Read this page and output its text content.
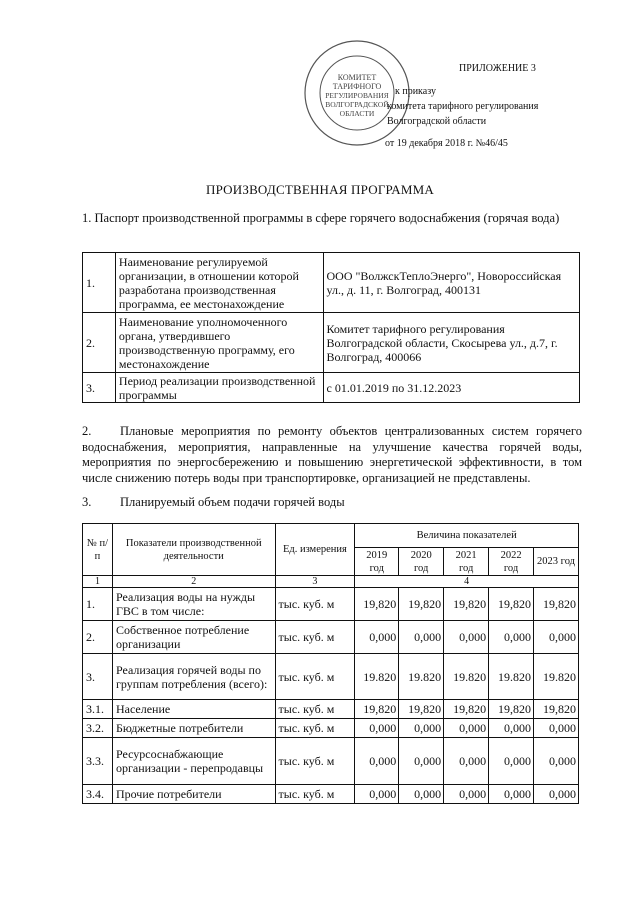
КОМИТЕТ
ТАРИФНОГО
РЕГУЛИРОВАНИЯ
ВОЛГОГРАДСКОЙ
ОБЛАСТИ
ПРИЛОЖЕНИЕ 3
к приказу
комитета тарифного регулирования
Волгоградской области
от 19 декабря 2018 г. №46/45
ПРОИЗВОДСТВЕННАЯ ПРОГРАММА
1. Паспорт производственной программы в сфере горячего водоснабжения (горячая вода)
1.	Наименование регулируемой организации, в отношении которой разработана производственная программа, ее местонахождение	ООО "ВолжскТеплоЭнерго", Новороссийская ул., д. 11, г. Волгоград, 400131
2.	Наименование уполномоченного органа, утвердившего производственную программу, его местонахождение	Комитет тарифного регулирования Волгоградской области, Скосырева ул., д.7, г. Волгоград, 400066
3.	Период реализации производственной программы	с 01.01.2019 по 31.12.2023
2. Плановые мероприятия по ремонту объектов централизованных систем горячего водоснабжения, мероприятия, направленные на улучшение качества горячей воды, мероприятия по энергосбережению и повышению энергетической эффективности, в том числе снижению потерь воды при транспортировке, организацией не представлены.
3. Планируемый объем подачи горячей воды
№ п/п	Показатели производственной деятельности	Ед. измерения	Величина показателей				
			2019 год	2020 год	2021 год	2022 год	2023 год
1	2	3	4				
1.	Реализация воды на нужды ГВС в том числе:	тыс. куб. м	19,820	19,820	19,820	19,820	19,820
2.	Собственное потребление организации	тыс. куб. м	0,000	0,000	0,000	0,000	0,000
3.	Реализация горячей воды по группам потребления (всего):	тыс. куб. м	19.820	19.820	19.820	19.820	19.820
3.1.	Население	тыс. куб. м	19,820	19,820	19,820	19,820	19,820
3.2.	Бюджетные потребители	тыс. куб. м	0,000	0,000	0,000	0,000	0,000
3.3.	Ресурсоснабжающие организации - перепродавцы	тыс. куб. м	0,000	0,000	0,000	0,000	0,000
3.4.	Прочие потребители	тыс. куб. м	0,000	0,000	0,000	0,000	0,000
